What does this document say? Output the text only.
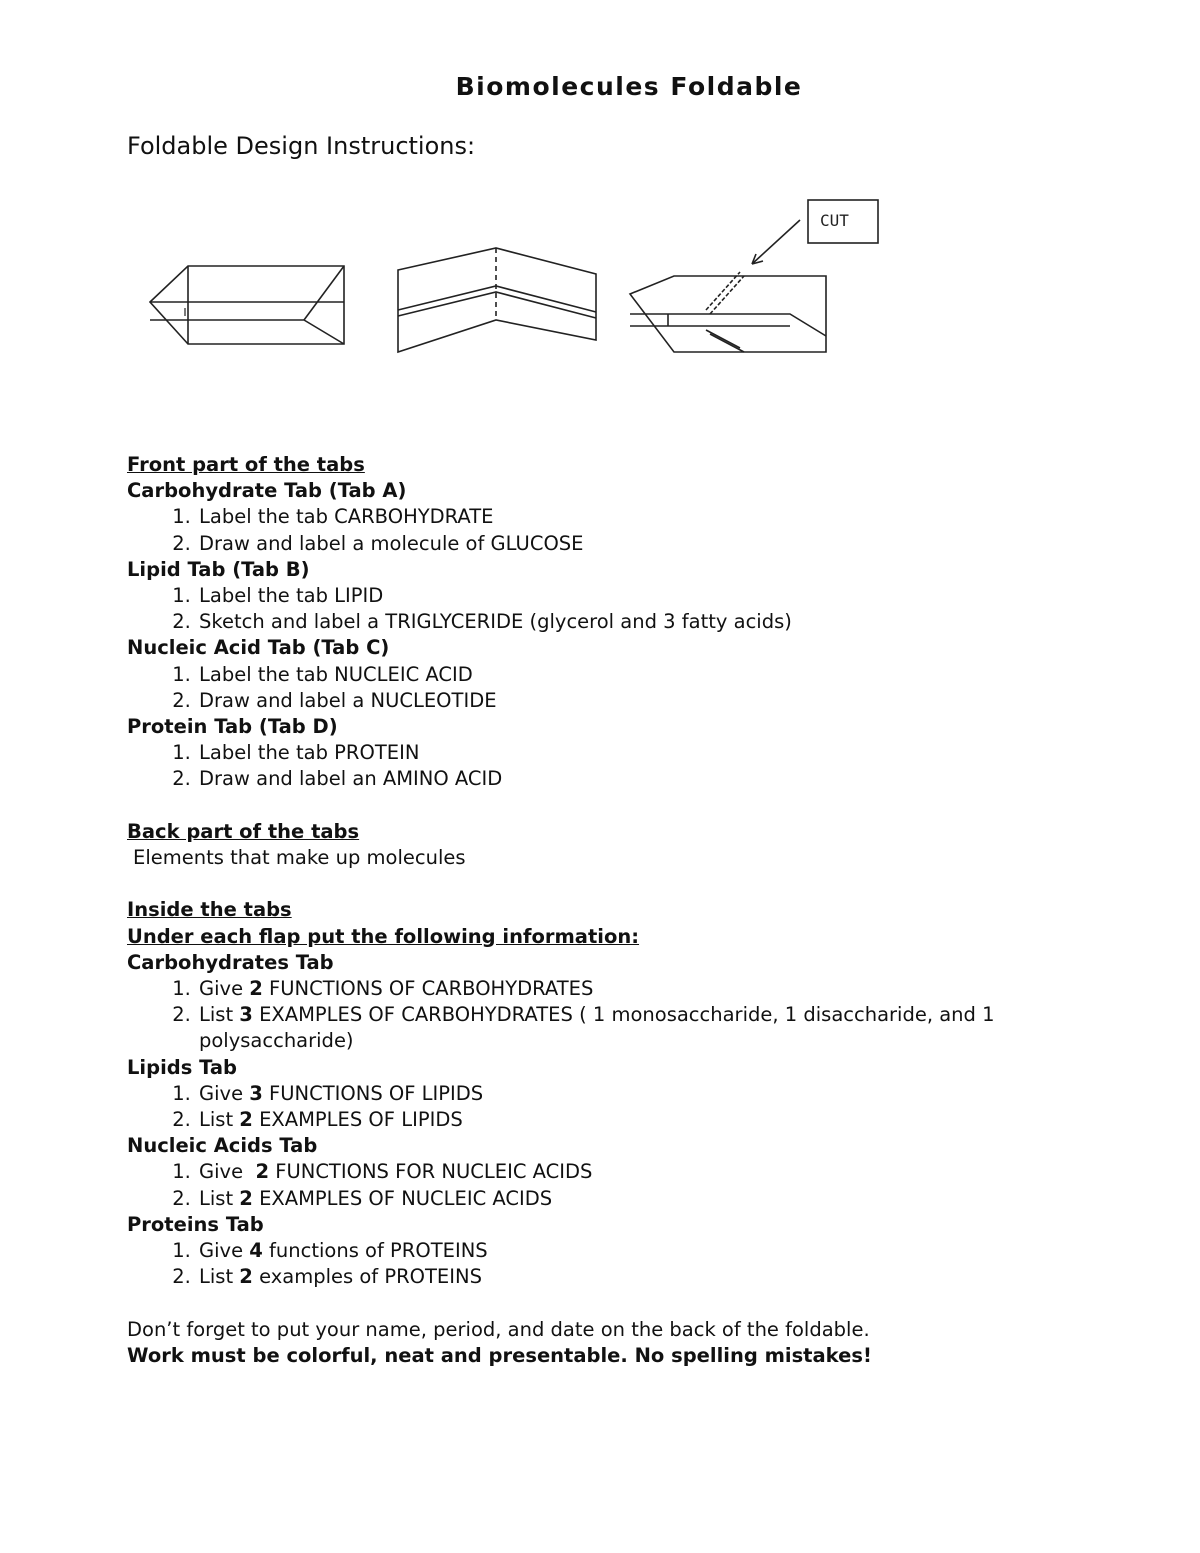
Biomolecules Foldable
Foldable Design Instructions:
CUT
Front part of the tabs
Carbohydrate Tab (Tab A)
1. Label the tab CARBOHYDRATE
2. Draw and label a molecule of GLUCOSE
Lipid Tab (Tab B)
1. Label the tab LIPID
2. Sketch and label a TRIGLYCERIDE (glycerol and 3 fatty acids)
Nucleic Acid Tab (Tab C)
1. Label the tab NUCLEIC ACID
2. Draw and label a NUCLEOTIDE
Protein Tab (Tab D)
1. Label the tab PROTEIN
2. Draw and label an AMINO ACID
Back part of the tabs
Elements that make up molecules
Inside the tabs
Under each flap put the following information:
Carbohydrates Tab
1. Give 2 FUNCTIONS OF CARBOHYDRATES
2. List 3 EXAMPLES OF CARBOHYDRATES ( 1 monosaccharide, 1 disaccharide, and 1 polysaccharide)
Lipids Tab
1. Give 3 FUNCTIONS OF LIPIDS
2. List 2 EXAMPLES OF LIPIDS
Nucleic Acids Tab
1. Give  2 FUNCTIONS FOR NUCLEIC ACIDS
2. List 2 EXAMPLES OF NUCLEIC ACIDS
Proteins Tab
1. Give 4 functions of PROTEINS
2. List 2 examples of PROTEINS
Don’t forget to put your name, period, and date on the back of the foldable.
Work must be colorful, neat and presentable. No spelling mistakes!
